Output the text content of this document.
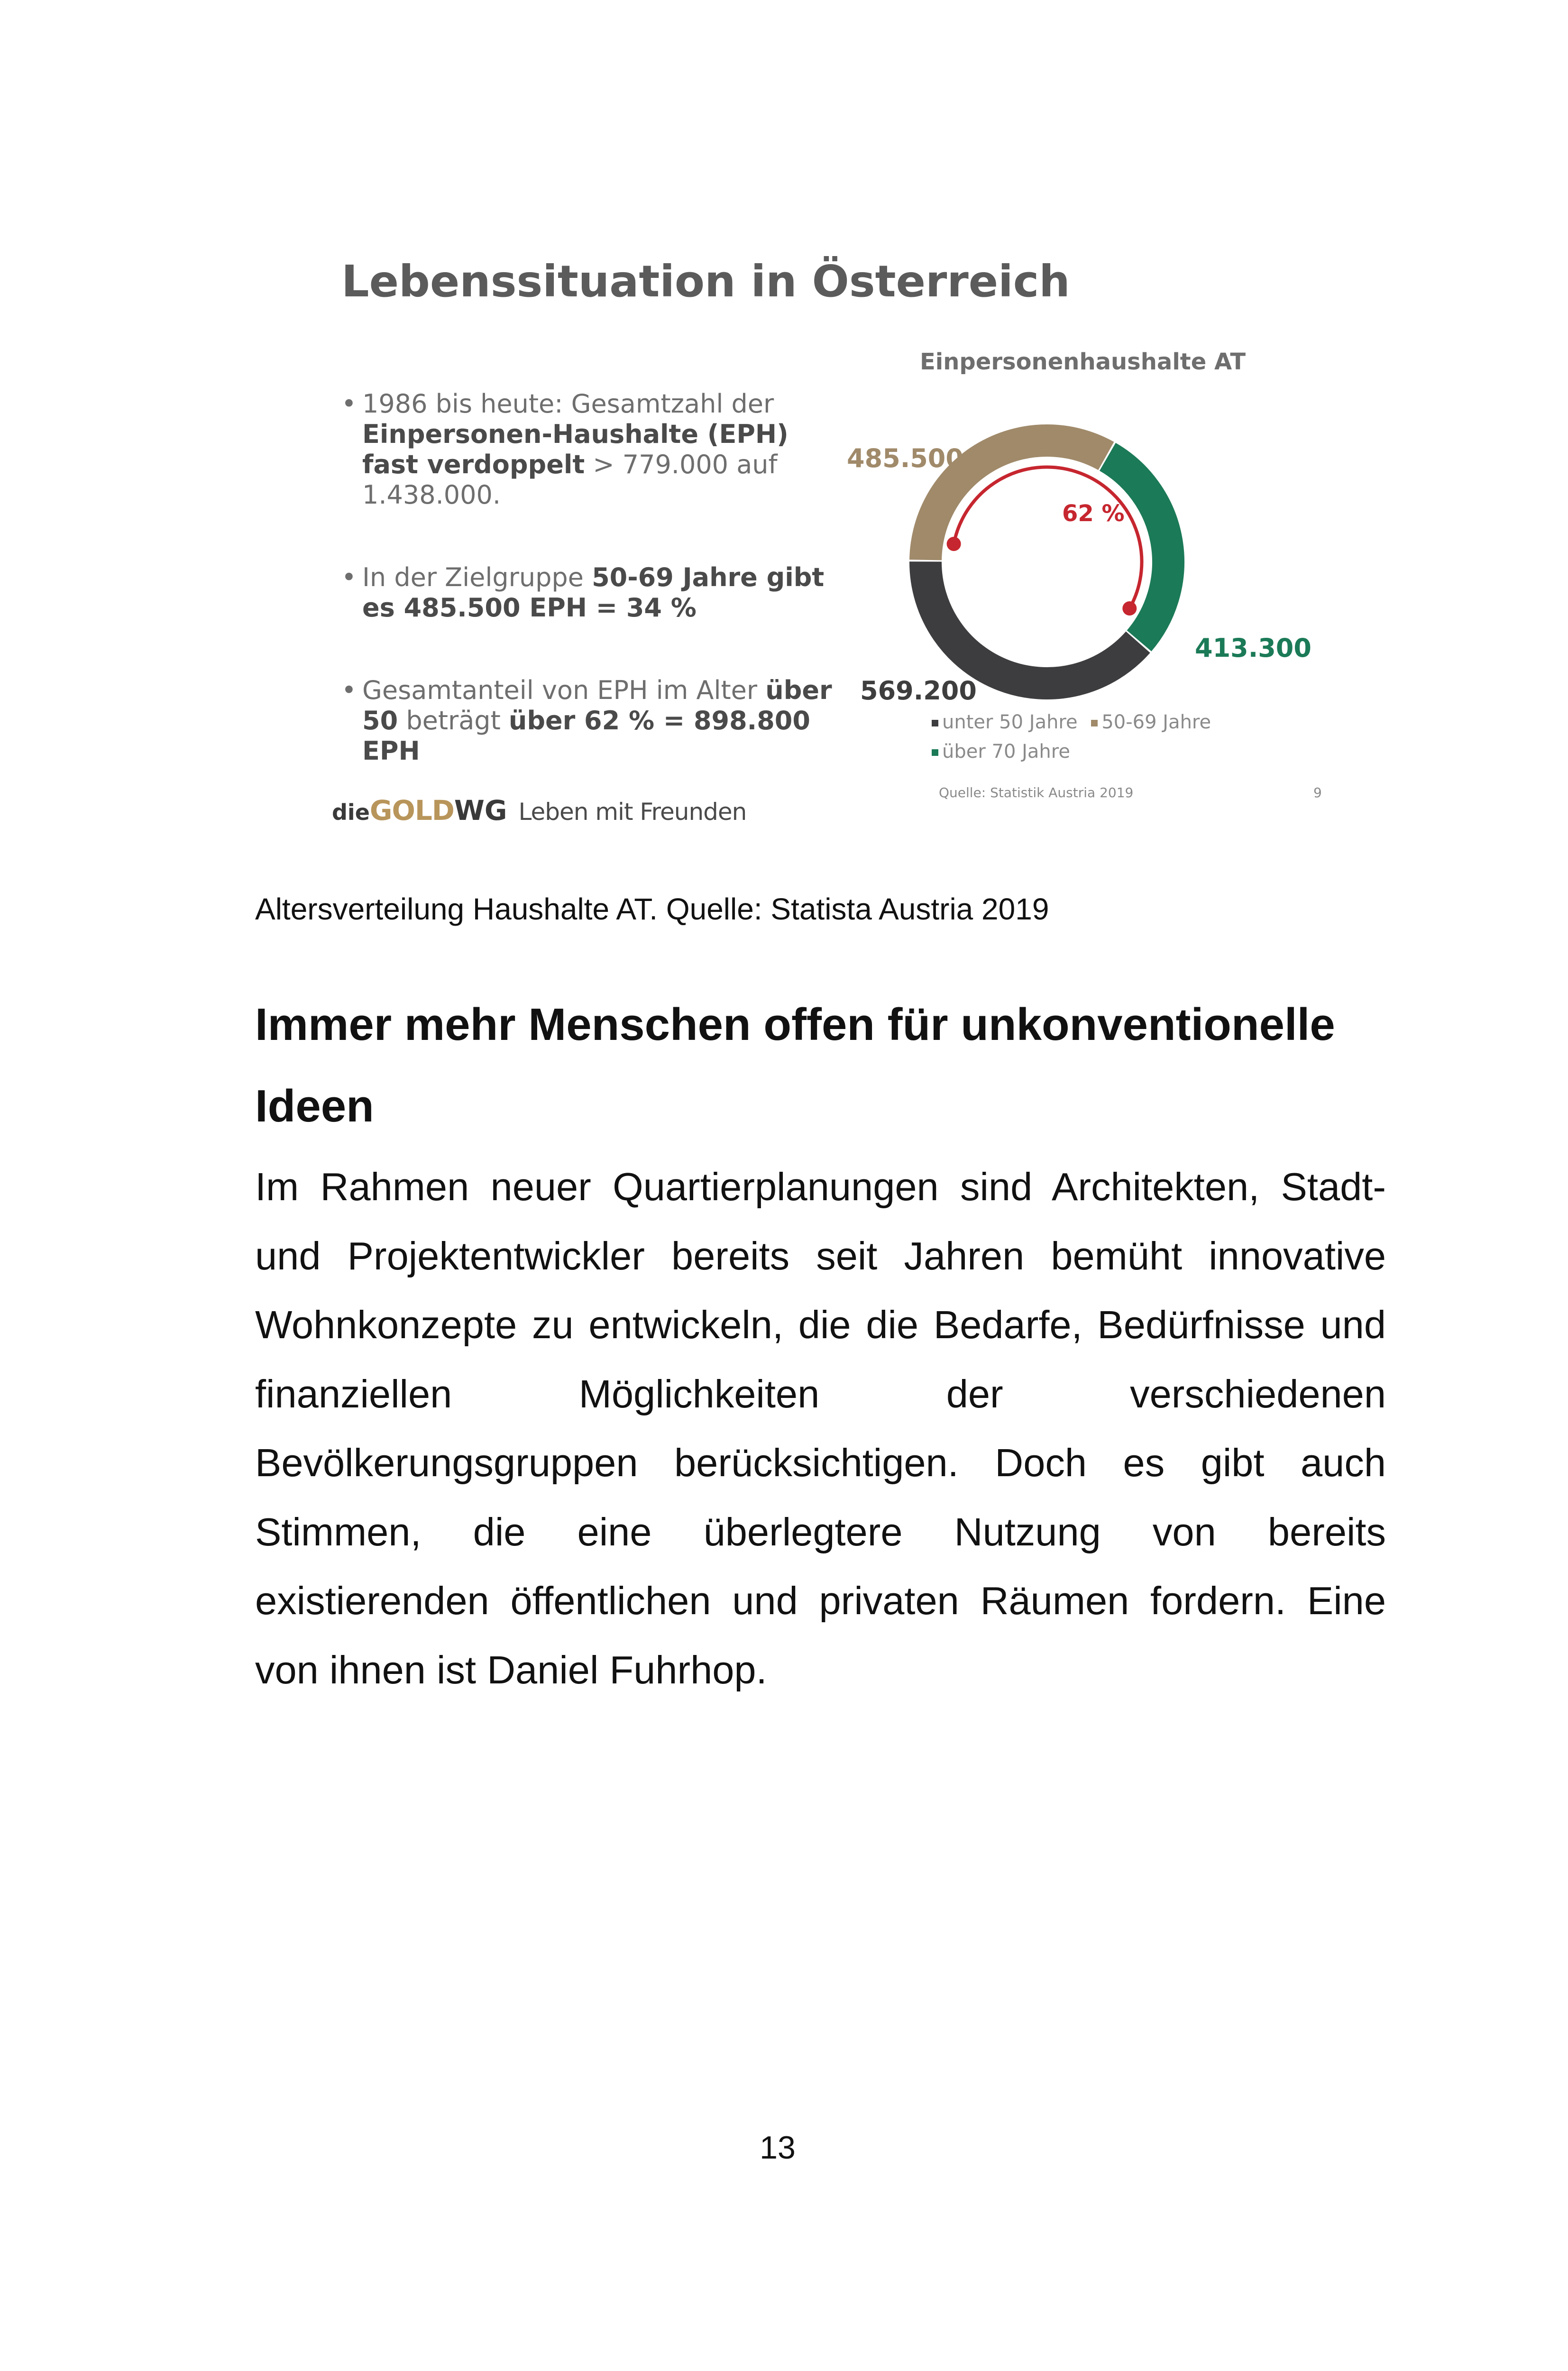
Lebenssituation in Österreich
• 1986 bis heute: Gesamtzahl der Einpersonen-Haushalte (EPH) fast verdoppelt > 779.000 auf 1.438.000.
• In der Zielgruppe 50-69 Jahre gibt es 485.500 EPH = 34 %
• Gesamtanteil von EPH im Alter über 50 beträgt über 62 % = 898.800 EPH
dieGOLDWG Leben mit Freunden
Einpersonenhaushalte AT
485.500
413.300
569.200
62 %
unter 50 Jahre 50-69 Jahre
über 70 Jahre
Quelle: Statistik Austria 2019	9

Altersverteilung Haushalte AT. Quelle: Statista Austria 2019

Immer mehr Menschen offen für unkonventionelle Ideen

Im Rahmen neuer Quartierplanungen sind Architekten, Stadt- und Projektentwickler bereits seit Jahren bemüht innovative Wohnkonzepte zu entwickeln, die die Bedarfe, Bedürfnisse und finanziellen Möglichkeiten der verschiedenen Bevölkerungsgruppen berücksichtigen. Doch es gibt auch Stimmen, die eine überlegtere Nutzung von bereits existierenden öffentlichen und privaten Räumen fordern. Eine von ihnen ist Daniel Fuhrhop.

13
